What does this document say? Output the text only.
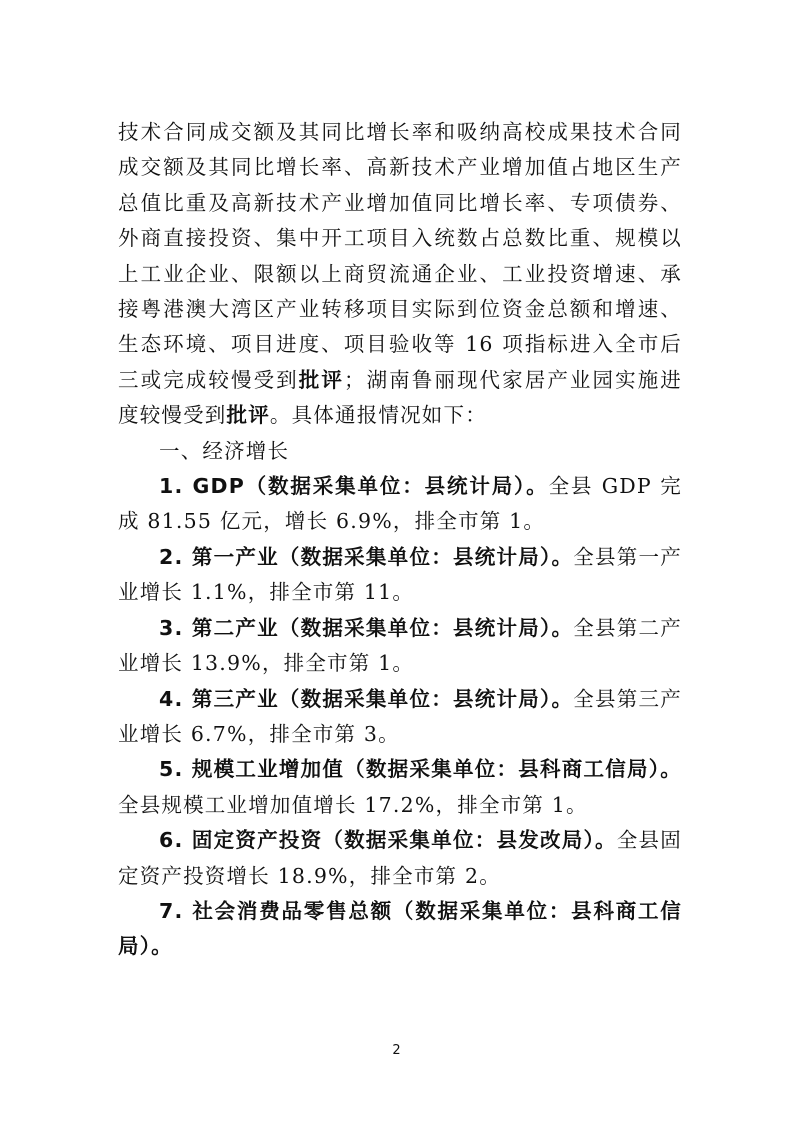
技术合同成交额及其同比增长率和吸纳高校成果技术合同成交额及其同比增长率、高新技术产业增加值占地区生产总值比重及高新技术产业增加值同比增长率、专项债券、外商直接投资、集中开工项目入统数占总数比重、规模以上工业企业、限额以上商贸流通企业、工业投资增速、承接粤港澳大湾区产业转移项目实际到位资金总额和增速、生态环境、项目进度、项目验收等 16 项指标进入全市后三或完成较慢受到批评；湖南鲁丽现代家居产业园实施进度较慢受到批评。具体通报情况如下：

一、经济增长

1. GDP（数据采集单位：县统计局）。全县 GDP 完成 81.55 亿元，增长 6.9%，排全市第 1。

2. 第一产业（数据采集单位：县统计局）。全县第一产业增长 1.1%，排全市第 11。

3. 第二产业（数据采集单位：县统计局）。全县第二产业增长 13.9%，排全市第 1。

4. 第三产业（数据采集单位：县统计局）。全县第三产业增长 6.7%，排全市第 3。

5. 规模工业增加值（数据采集单位：县科商工信局）。全县规模工业增加值增长 17.2%，排全市第 1。

6. 固定资产投资（数据采集单位：县发改局）。全县固定资产投资增长 18.9%，排全市第 2。

7. 社会消费品零售总额（数据采集单位：县科商工信局）。

2
